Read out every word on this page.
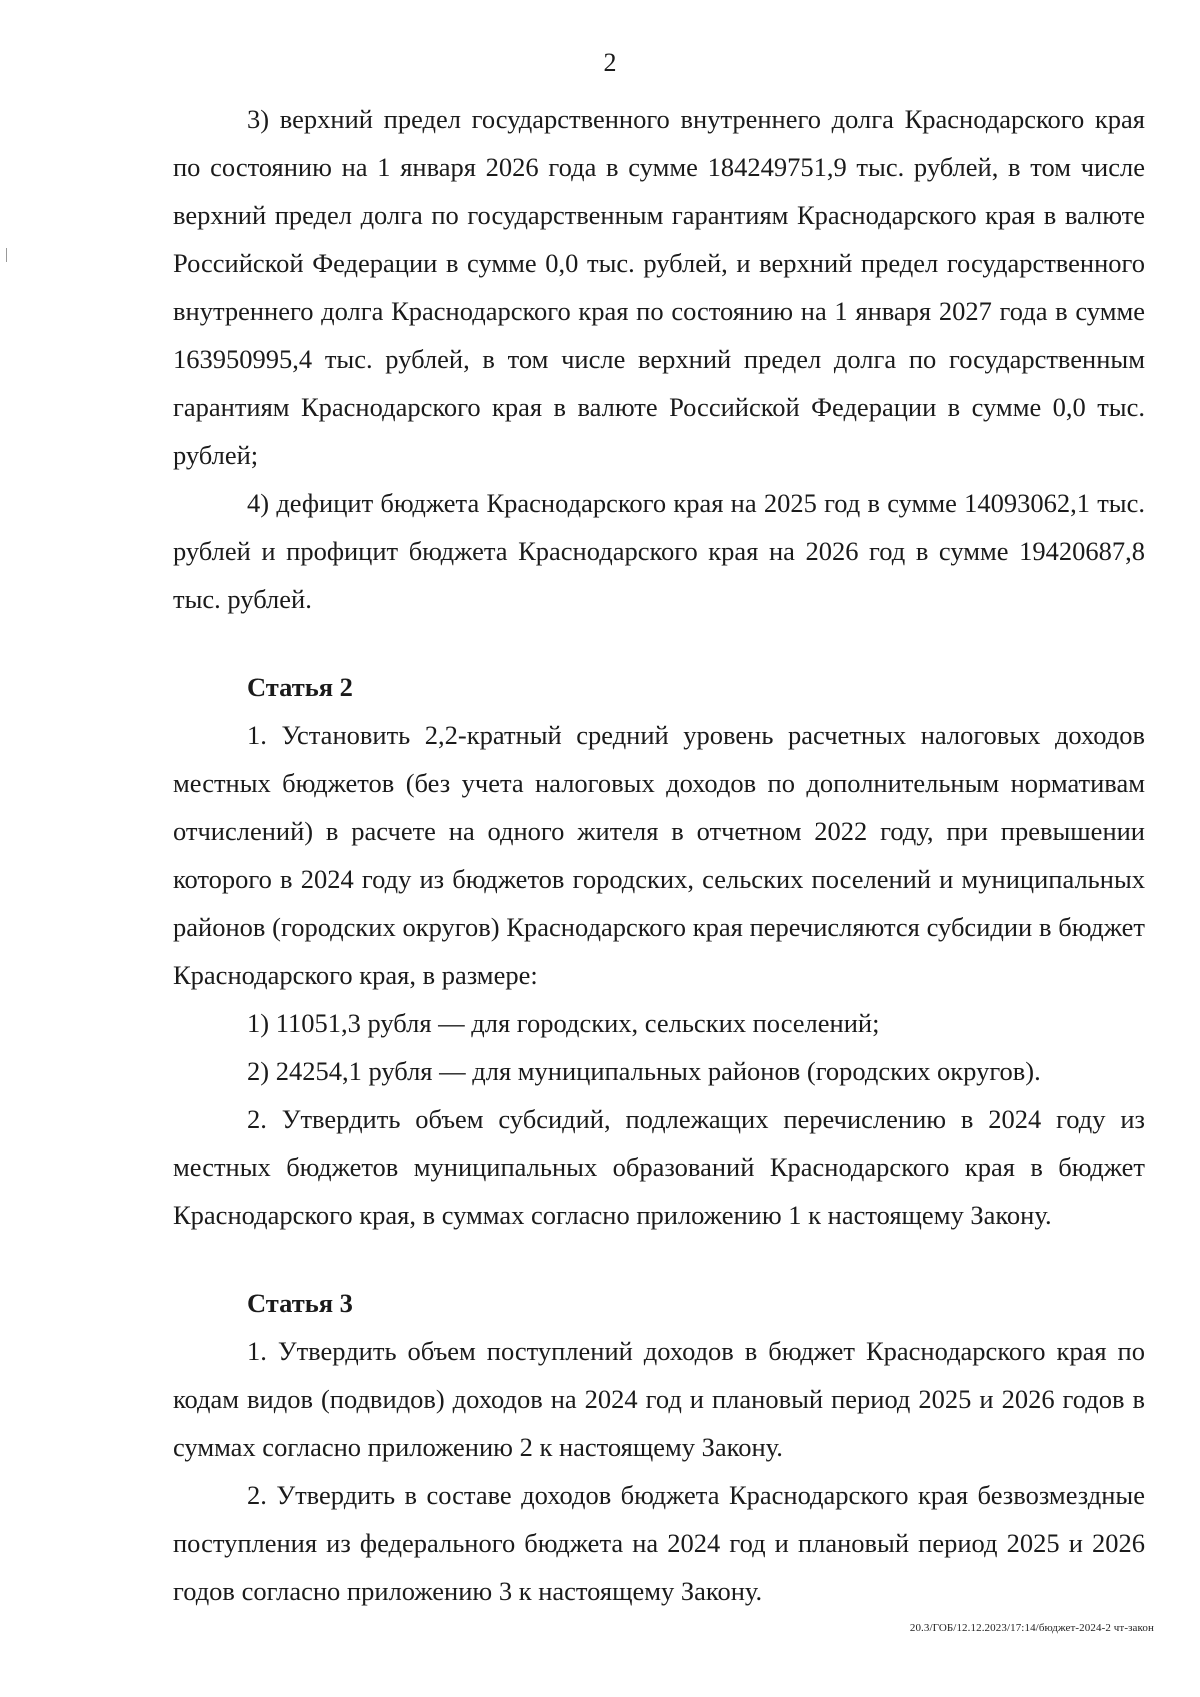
2

3) верхний предел государственного внутреннего долга Краснодарского края по состоянию на 1 января 2026 года в сумме 184249751,9 тыс. рублей, в том числе верхний предел долга по государственным гарантиям Краснодарского края в валюте Российской Федерации в сумме 0,0 тыс. рублей, и верхний предел государственного внутреннего долга Краснодарского края по состоянию на 1 января 2027 года в сумме 163950995,4 тыс. рублей, в том числе верхний предел долга по государственным гарантиям Краснодарского края в валюте Российской Федерации в сумме 0,0 тыс. рублей;

4) дефицит бюджета Краснодарского края на 2025 год в сумме 14093062,1 тыс. рублей и профицит бюджета Краснодарского края на 2026 год в сумме 19420687,8 тыс. рублей.

Статья 2

1. Установить 2,2-кратный средний уровень расчетных налоговых доходов местных бюджетов (без учета налоговых доходов по дополнительным нормативам отчислений) в расчете на одного жителя в отчетном 2022 году, при превышении которого в 2024 году из бюджетов городских, сельских поселений и муниципальных районов (городских округов) Краснодарского края перечисляются субсидии в бюджет Краснодарского края, в размере:

1) 11051,3 рубля — для городских, сельских поселений;

2) 24254,1 рубля — для муниципальных районов (городских округов).

2. Утвердить объем субсидий, подлежащих перечислению в 2024 году из местных бюджетов муниципальных образований Краснодарского края в бюджет Краснодарского края, в суммах согласно приложению 1 к настоящему Закону.

Статья 3

1. Утвердить объем поступлений доходов в бюджет Краснодарского края по кодам видов (подвидов) доходов на 2024 год и плановый период 2025 и 2026 годов в суммах согласно приложению 2 к настоящему Закону.

2. Утвердить в составе доходов бюджета Краснодарского края безвозмездные поступления из федерального бюджета на 2024 год и плановый период 2025 и 2026 годов согласно приложению 3 к настоящему Закону.

20.3/ГОБ/12.12.2023/17:14/бюджет-2024-2 чт-закон
